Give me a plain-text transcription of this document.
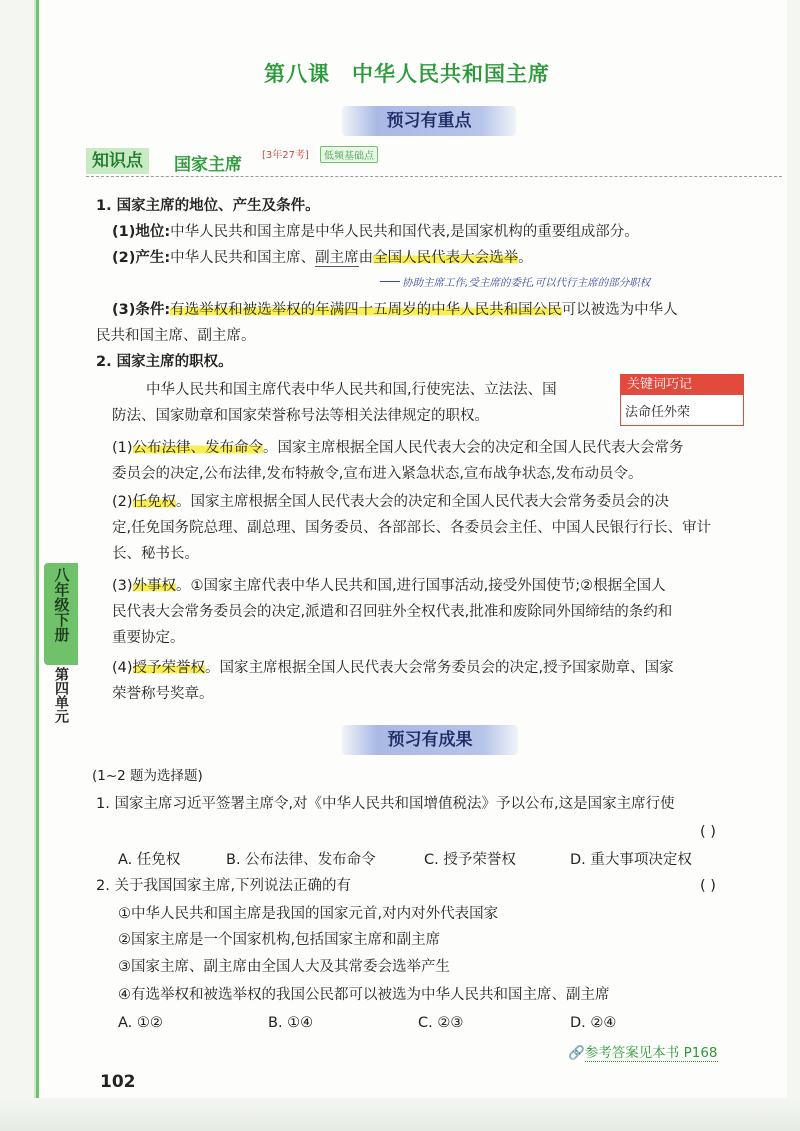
第八课 中华人民共和国主席
预习有重点
知识点	国家主席 [3年27考]	低频基础点
1. 国家主席的地位、产生及条件。
(1)地位:中华人民共和国主席是中华人民共和国代表,是国家机构的重要组成部分。
(2)产生:中华人民共和国主席、副主席由全国人民代表大会选举。
协助主席工作,受主席的委托,可以代行主席的部分职权
(3)条件:有选举权和被选举权的年满四十五周岁的中华人民共和国公民可以被选为中华人
民共和国主席、副主席。
2. 国家主席的职权。
中华人民共和国主席代表中华人民共和国,行使宪法、立法法、国
防法、国家勋章和国家荣誉称号法等相关法律规定的职权。
关键词巧记
法命任外荣
(1)公布法律、发布命令。国家主席根据全国人民代表大会的决定和全国人民代表大会常务
委员会的决定,公布法律,发布特赦令,宣布进入紧急状态,宣布战争状态,发布动员令。
(2)任免权。国家主席根据全国人民代表大会的决定和全国人民代表大会常务委员会的决
定,任免国务院总理、副总理、国务委员、各部部长、各委员会主任、中国人民银行行长、审计
长、秘书长。
(3)外事权。①国家主席代表中华人民共和国,进行国事活动,接受外国使节;②根据全国人
民代表大会常务委员会的决定,派遣和召回驻外全权代表,批准和废除同外国缔结的条约和
重要协定。
(4)授予荣誉权。国家主席根据全国人民代表大会常务委员会的决定,授予国家勋章、国家
荣誉称号奖章。
八年级下册
第四单元
预习有成果
(1~2 题为选择题)
1. 国家主席习近平签署主席令,对《中华人民共和国增值税法》予以公布,这是国家主席行使
( )
A. 任免权	B. 公布法律、发布命令	C. 授予荣誉权	D. 重大事项决定权
2. 关于我国国家主席,下列说法正确的有	( )
①中华人民共和国主席是我国的国家元首,对内对外代表国家
②国家主席是一个国家机构,包括国家主席和副主席
③国家主席、副主席由全国人大及其常委会选举产生
④有选举权和被选举权的我国公民都可以被选为中华人民共和国主席、副主席
A. ①②	B. ①④	C. ②③	D. ②④
🔗参考答案见本书 P168
102
